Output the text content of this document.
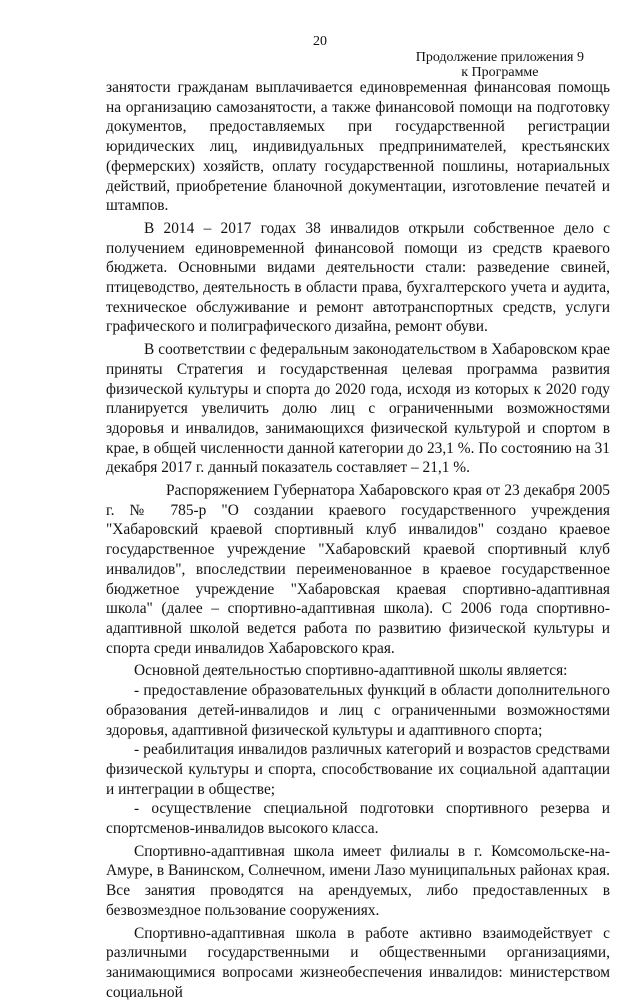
20
Продолжение приложения 9
к Программе

занятости гражданам выплачивается единовременная финансовая помощь на организацию самозанятости, а также финансовой помощи на подготовку документов, предоставляемых при государственной регистрации юридических лиц, индивидуальных предпринимателей, крестьянских (фермерских) хозяйств, оплату государственной пошлины, нотариальных действий, приобретение бланочной документации, изготовление печатей и штампов.

В 2014 – 2017 годах 38 инвалидов открыли собственное дело с получением единовременной финансовой помощи из средств краевого бюджета. Основными видами деятельности стали: разведение свиней, птицеводство, деятельность в области права, бухгалтерского учета и аудита, техническое обслуживание и ремонт автотранспортных средств, услуги графического и полиграфического дизайна, ремонт обуви.

В соответствии с федеральным законодательством в Хабаровском крае приняты Стратегия и государственная целевая программа развития физической культуры и спорта до 2020 года, исходя из которых к 2020 году планируется увеличить долю лиц с ограниченными возможностями здоровья и инвалидов, занимающихся физической культурой и спортом в крае, в общей численности данной категории до 23,1 %. По состоянию на 31 декабря 2017 г. данный показатель составляет – 21,1 %.

Распоряжением Губернатора Хабаровского края от 23 декабря 2005 г. № 785-р "О создании краевого государственного учреждения "Хабаровский краевой спортивный клуб инвалидов" создано краевое государственное учреждение "Хабаровский краевой спортивный клуб инвалидов", впоследствии переименованное в краевое государственное бюджетное учреждение "Хабаровская краевая спортивно-адаптивная школа" (далее – спортивно-адаптивная школа). С 2006 года спортивно-адаптивной школой ведется работа по развитию физической культуры и спорта среди инвалидов Хабаровского края.

Основной деятельностью спортивно-адаптивной школы является:

- предоставление образовательных функций в области дополнительного образования детей-инвалидов и лиц с ограниченными возможностями здоровья, адаптивной физической культуры и адаптивного спорта;

- реабилитация инвалидов различных категорий и возрастов средствами физической культуры и спорта, способствование их социальной адаптации и интеграции в обществе;

- осуществление специальной подготовки спортивного резерва и спортсменов-инвалидов высокого класса.

Спортивно-адаптивная школа имеет филиалы в г. Комсомольске-на-Амуре, в Ванинском, Солнечном, имени Лазо муниципальных районах края. Все занятия проводятся на арендуемых, либо предоставленных в безвозмездное пользование сооружениях.

Спортивно-адаптивная школа в работе активно взаимодействует с различными государственными и общественными организациями, занимающимися вопросами жизнеобеспечения инвалидов: министерством социальной
